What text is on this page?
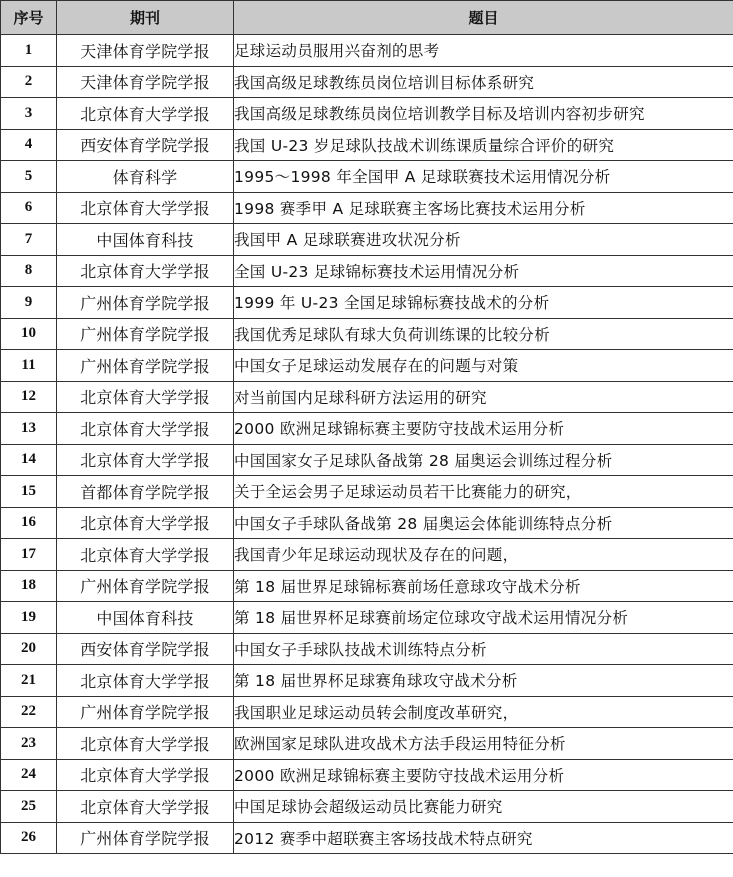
序号	期刊	题目
1	天津体育学院学报	足球运动员服用兴奋剂的思考
2	天津体育学院学报	我国高级足球教练员岗位培训目标体系研究
3	北京体育大学学报	我国高级足球教练员岗位培训教学目标及培训内容初步研究
4	西安体育学院学报	我国 U-23 岁足球队技战术训练课质量综合评价的研究
5	体育科学	1995～1998 年全国甲 A 足球联赛技术运用情况分析
6	北京体育大学学报	1998 赛季甲 A 足球联赛主客场比赛技术运用分析
7	中国体育科技	我国甲 A 足球联赛进攻状况分析
8	北京体育大学学报	全国 U-23 足球锦标赛技术运用情况分析
9	广州体育学院学报	1999 年 U-23 全国足球锦标赛技战术的分析
10	广州体育学院学报	我国优秀足球队有球大负荷训练课的比较分析
11	广州体育学院学报	中国女子足球运动发展存在的问题与对策
12	北京体育大学学报	对当前国内足球科研方法运用的研究
13	北京体育大学学报	2000 欧洲足球锦标赛主要防守技战术运用分析
14	北京体育大学学报	中国国家女子足球队备战第 28 届奥运会训练过程分析
15	首都体育学院学报	关于全运会男子足球运动员若干比赛能力的研究，
16	北京体育大学学报	中国女子手球队备战第 28 届奥运会体能训练特点分析
17	北京体育大学学报	我国青少年足球运动现状及存在的问题，
18	广州体育学院学报	第 18 届世界足球锦标赛前场任意球攻守战术分析
19	中国体育科技	第 18 届世界杯足球赛前场定位球攻守战术运用情况分析
20	西安体育学院学报	中国女子手球队技战术训练特点分析
21	北京体育大学学报	第 18 届世界杯足球赛角球攻守战术分析
22	广州体育学院学报	我国职业足球运动员转会制度改革研究，
23	北京体育大学学报	欧洲国家足球队进攻战术方法手段运用特征分析
24	北京体育大学学报	2000 欧洲足球锦标赛主要防守技战术运用分析
25	北京体育大学学报	中国足球协会超级运动员比赛能力研究
26	广州体育学院学报	2012 赛季中超联赛主客场技战术特点研究
